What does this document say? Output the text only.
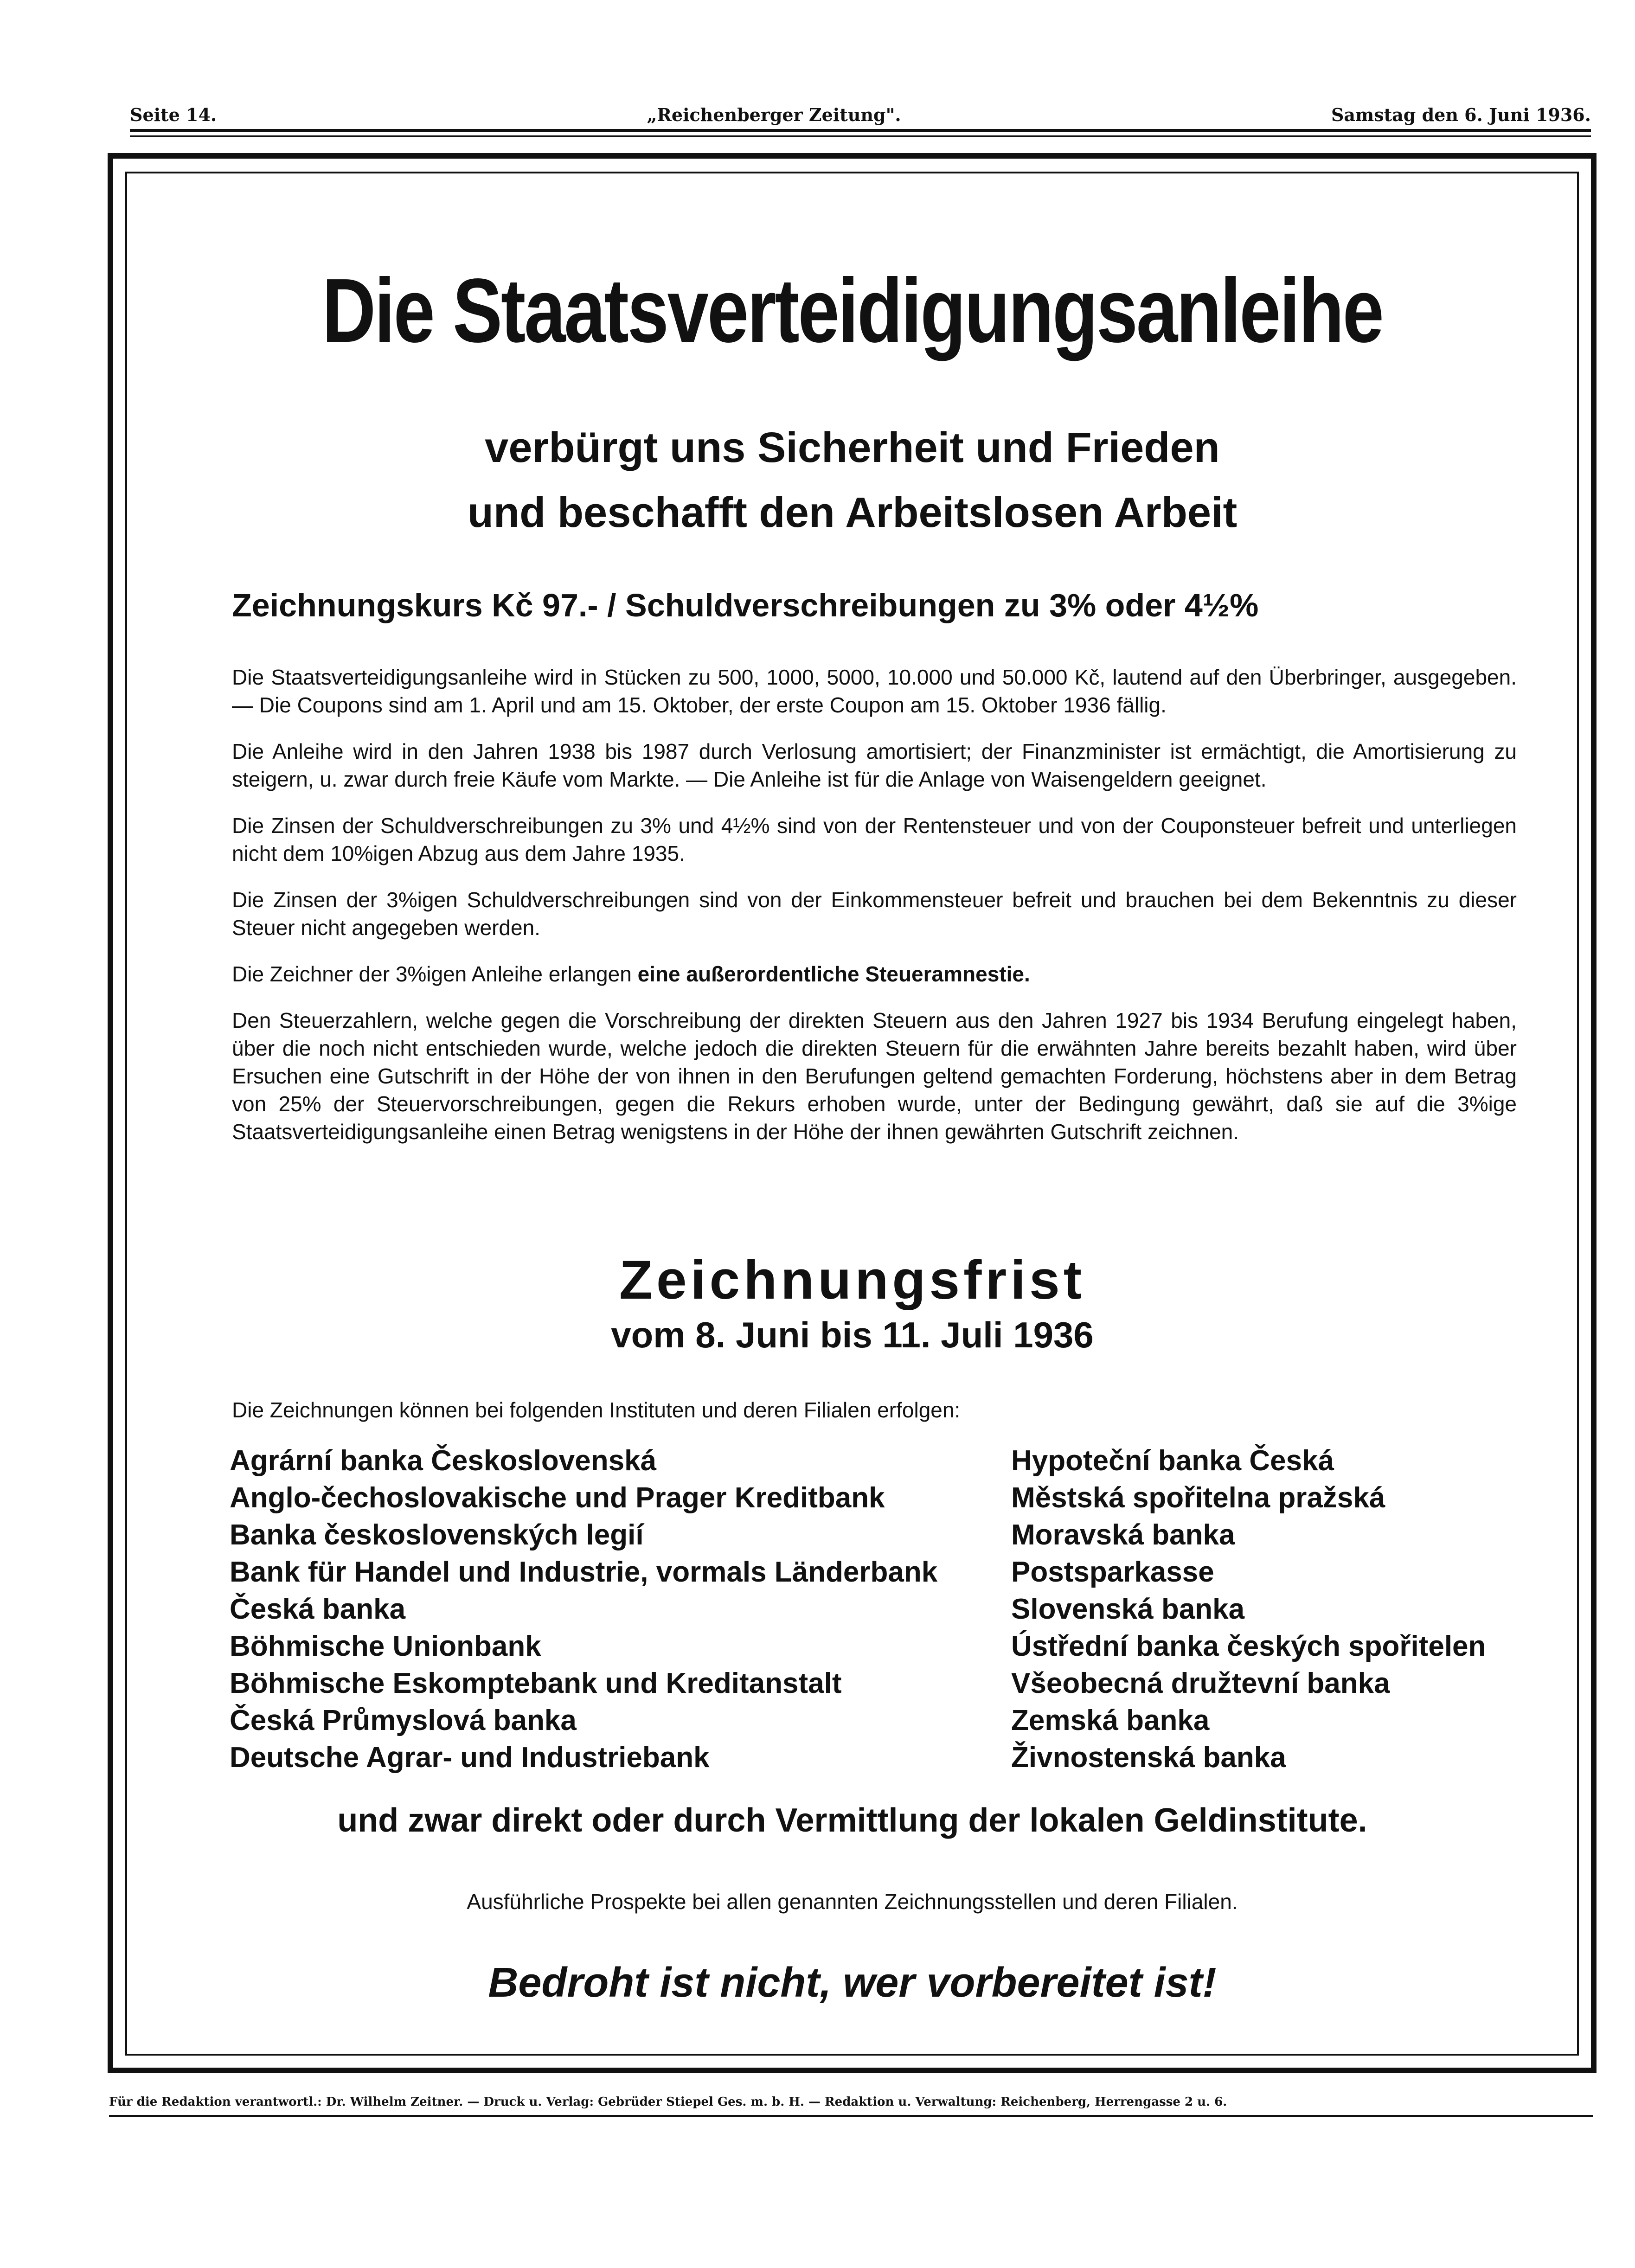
Seite 14.	„Reichenberger Zeitung".	Samstag den 6. Juni 1936.
Die Staatsverteidigungsanleihe
verbürgt uns Sicherheit und Frieden
und beschafft den Arbeitslosen Arbeit
Zeichnungskurs Kč 97.- / Schuldverschreibungen zu 3% oder 4½%

Die Staatsverteidigungsanleihe wird in Stücken zu 500, 1000, 5000, 10.000 und 50.000 Kč, lautend auf den Überbringer, ausgegeben. — Die Coupons sind am 1. April und am 15. Oktober, der erste Coupon am 15. Oktober 1936 fällig.

Die Anleihe wird in den Jahren 1938 bis 1987 durch Verlosung amortisiert; der Finanzminister ist ermächtigt, die Amortisierung zu steigern, u. zwar durch freie Käufe vom Markte. — Die Anleihe ist für die Anlage von Waisengeldern geeignet.

Die Zinsen der Schuldverschreibungen zu 3% und 4½% sind von der Rentensteuer und von der Couponsteuer befreit und unterliegen nicht dem 10%igen Abzug aus dem Jahre 1935.

Die Zinsen der 3%igen Schuldverschreibungen sind von der Einkommensteuer befreit und brauchen bei dem Bekenntnis zu dieser Steuer nicht angegeben werden.

Die Zeichner der 3%igen Anleihe erlangen eine außerordentliche Steueramnestie.

Den Steuerzahlern, welche gegen die Vorschreibung der direkten Steuern aus den Jahren 1927 bis 1934 Berufung eingelegt haben, über die noch nicht entschieden wurde, welche jedoch die direkten Steuern für die erwähnten Jahre bereits bezahlt haben, wird über Ersuchen eine Gutschrift in der Höhe der von ihnen in den Berufungen geltend gemachten Forderung, höchstens aber in dem Betrag von 25% der Steuervorschreibungen, gegen die Rekurs erhoben wurde, unter der Bedingung gewährt, daß sie auf die 3%ige Staatsverteidigungsanleihe einen Betrag wenigstens in der Höhe der ihnen gewährten Gutschrift zeichnen.

Zeichnungsfrist
vom 8. Juni bis 11. Juli 1936
Die Zeichnungen können bei folgenden Instituten und deren Filialen erfolgen:
Agrární banka Československá
Anglo-čechoslovakische und Prager Kreditbank
Banka československých legií
Bank für Handel und Industrie, vormals Länderbank
Česká banka
Böhmische Unionbank
Böhmische Eskomptebank und Kreditanstalt
Česká Průmyslová banka
Deutsche Agrar- und Industriebank
Hypoteční banka Česká
Městská spořitelna pražská
Moravská banka
Postsparkasse
Slovenská banka
Ústřední banka českých spořitelen
Všeobecná družtevní banka
Zemská banka
Živnostenská banka
und zwar direkt oder durch Vermittlung der lokalen Geldinstitute.
Ausführliche Prospekte bei allen genannten Zeichnungsstellen und deren Filialen.
Bedroht ist nicht, wer vorbereitet ist!
Für die Redaktion verantwortl.: Dr. Wilhelm Zeitner. — Druck u. Verlag: Gebrüder Stiepel Ges. m. b. H. — Redaktion u. Verwaltung: Reichenberg, Herrengasse 2 u. 6.
